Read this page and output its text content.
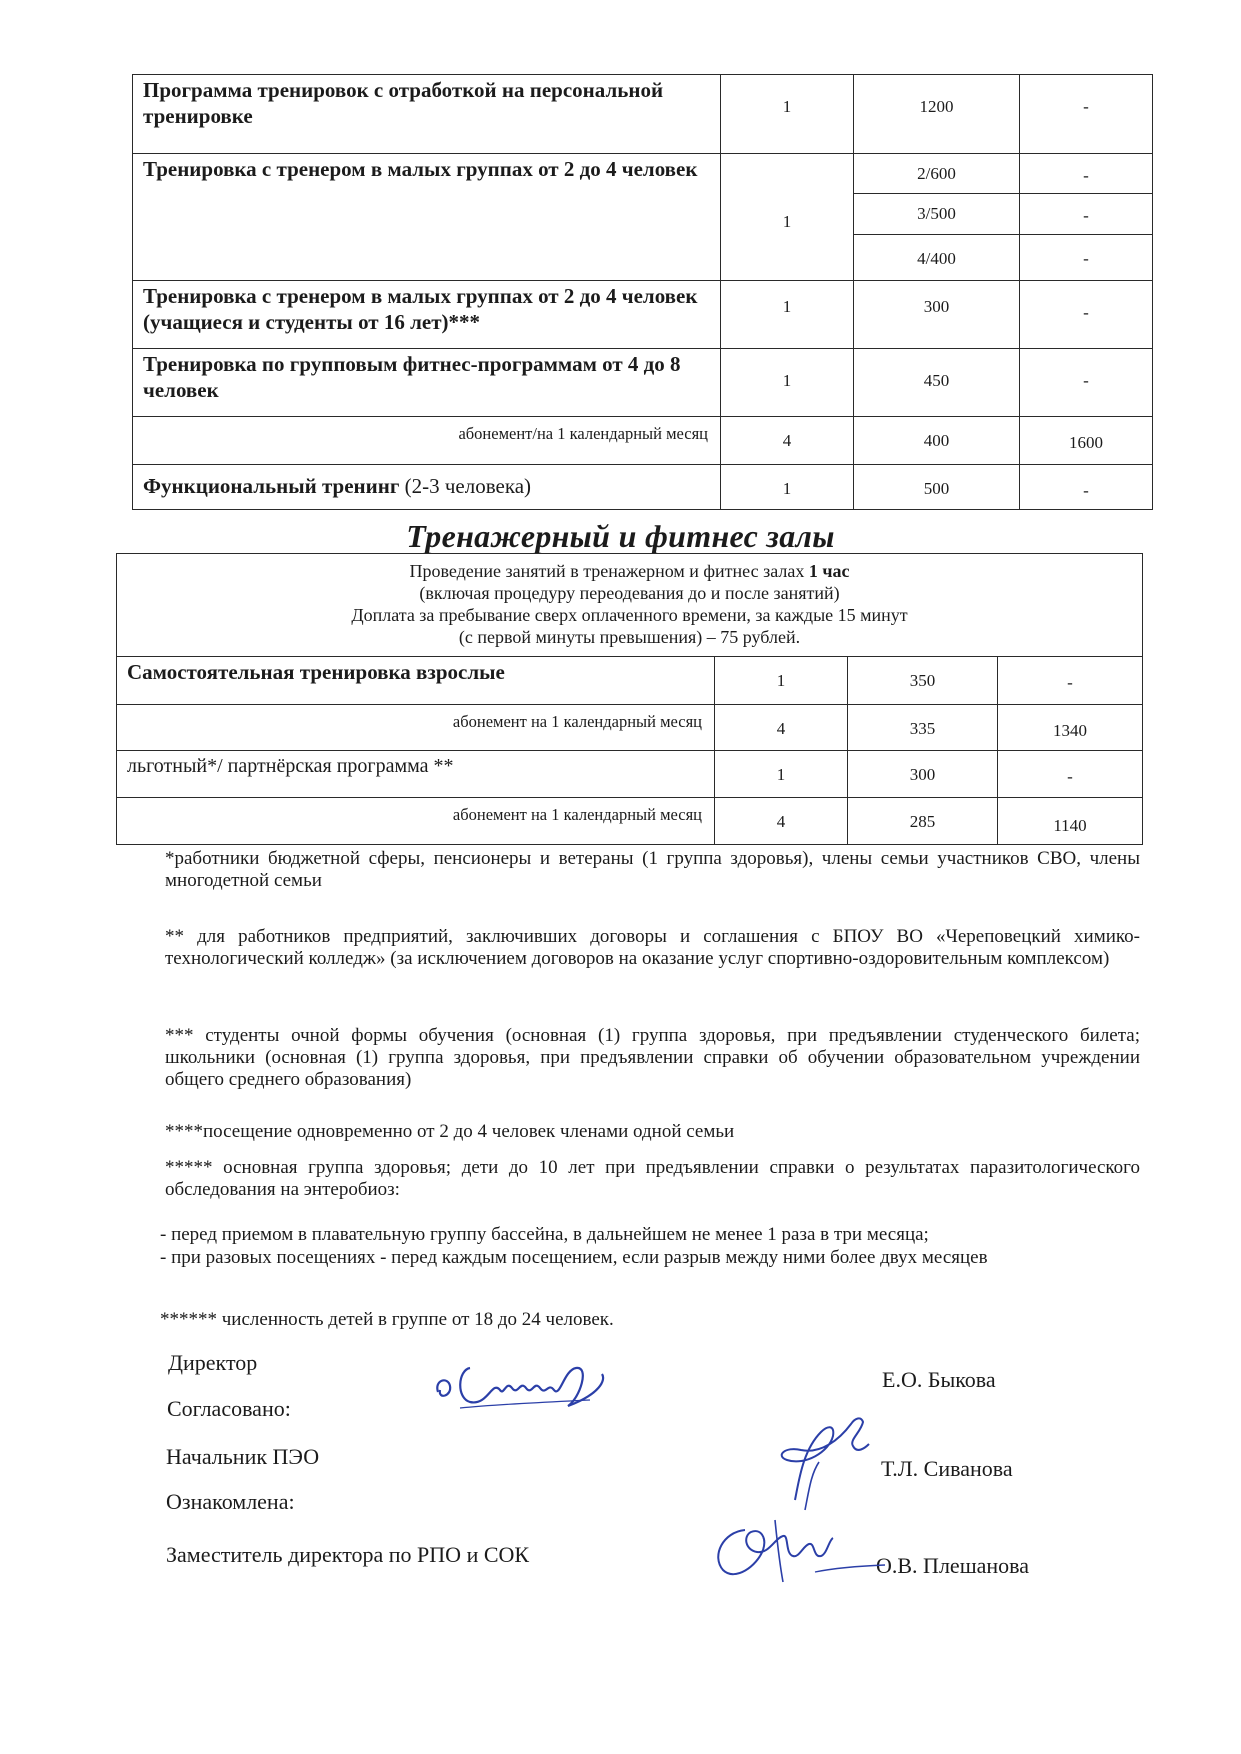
Программа тренировок с отработкой на персональной тренировке	1	1200	-
Тренировка с тренером в малых группах от 2 до 4 человек	1	2/600	-
		3/500	-
		4/400	-
Тренировка с тренером в малых группах от 2 до 4 человек (учащиеся и студенты от 16 лет)***	1	300	-
Тренировка по групповым фитнес-программам от 4 до 8 человек	1	450	-
абонемент/на 1 календарный месяц	4	400	1600
Функциональный тренинг (2-3 человека)	1	500	-
Тренажерный и фитнес залы
Проведение занятий в тренажерном и фитнес залах 1 час
(включая процедуру переодевания до и после занятий)
Доплата за пребывание сверх оплаченного времени, за каждые 15 минут
(с первой минуты превышения) – 75 рублей.			

Самостоятельная тренировка взрослые	1	350	-
абонемент на 1 календарный месяц	4	335	1340
льготный*/ партнёрская программа **	1	300	-
абонемент на 1 календарный месяц	4	285	1140

*работники бюджетной сферы, пенсионеры и ветераны (1 группа здоровья), члены семьи участников СВО, члены многодетной семьи

** для работников предприятий, заключивших договоры и соглашения с БПОУ ВО «Череповецкий химико-технологический колледж» (за исключением договоров на оказание услуг спортивно-оздоровительным комплексом)

*** студенты очной формы обучения (основная (1) группа здоровья, при предъявлении студенческого билета; школьники (основная (1) группа здоровья, при предъявлении справки об обучении образовательном учреждении общего среднего образования)

****посещение одновременно от 2 до 4 человек членами одной семьи

***** основная группа здоровья; дети до 10 лет при предъявлении справки о результатах паразитологического обследования на энтеробиоз:

- перед приемом в плавательную группу бассейна, в дальнейшем не менее 1 раза в три месяца;

- при разовых посещениях - перед каждым посещением, если разрыв между ними более двух месяцев

****** численность детей в группе от 18 до 24 человек.

Директор
Е.О. Быкова
Согласовано:
Начальник ПЭО	Т.Л. Сиванова
Ознакомлена:
Заместитель директора по РПО и СОК	О.В. Плешанова
